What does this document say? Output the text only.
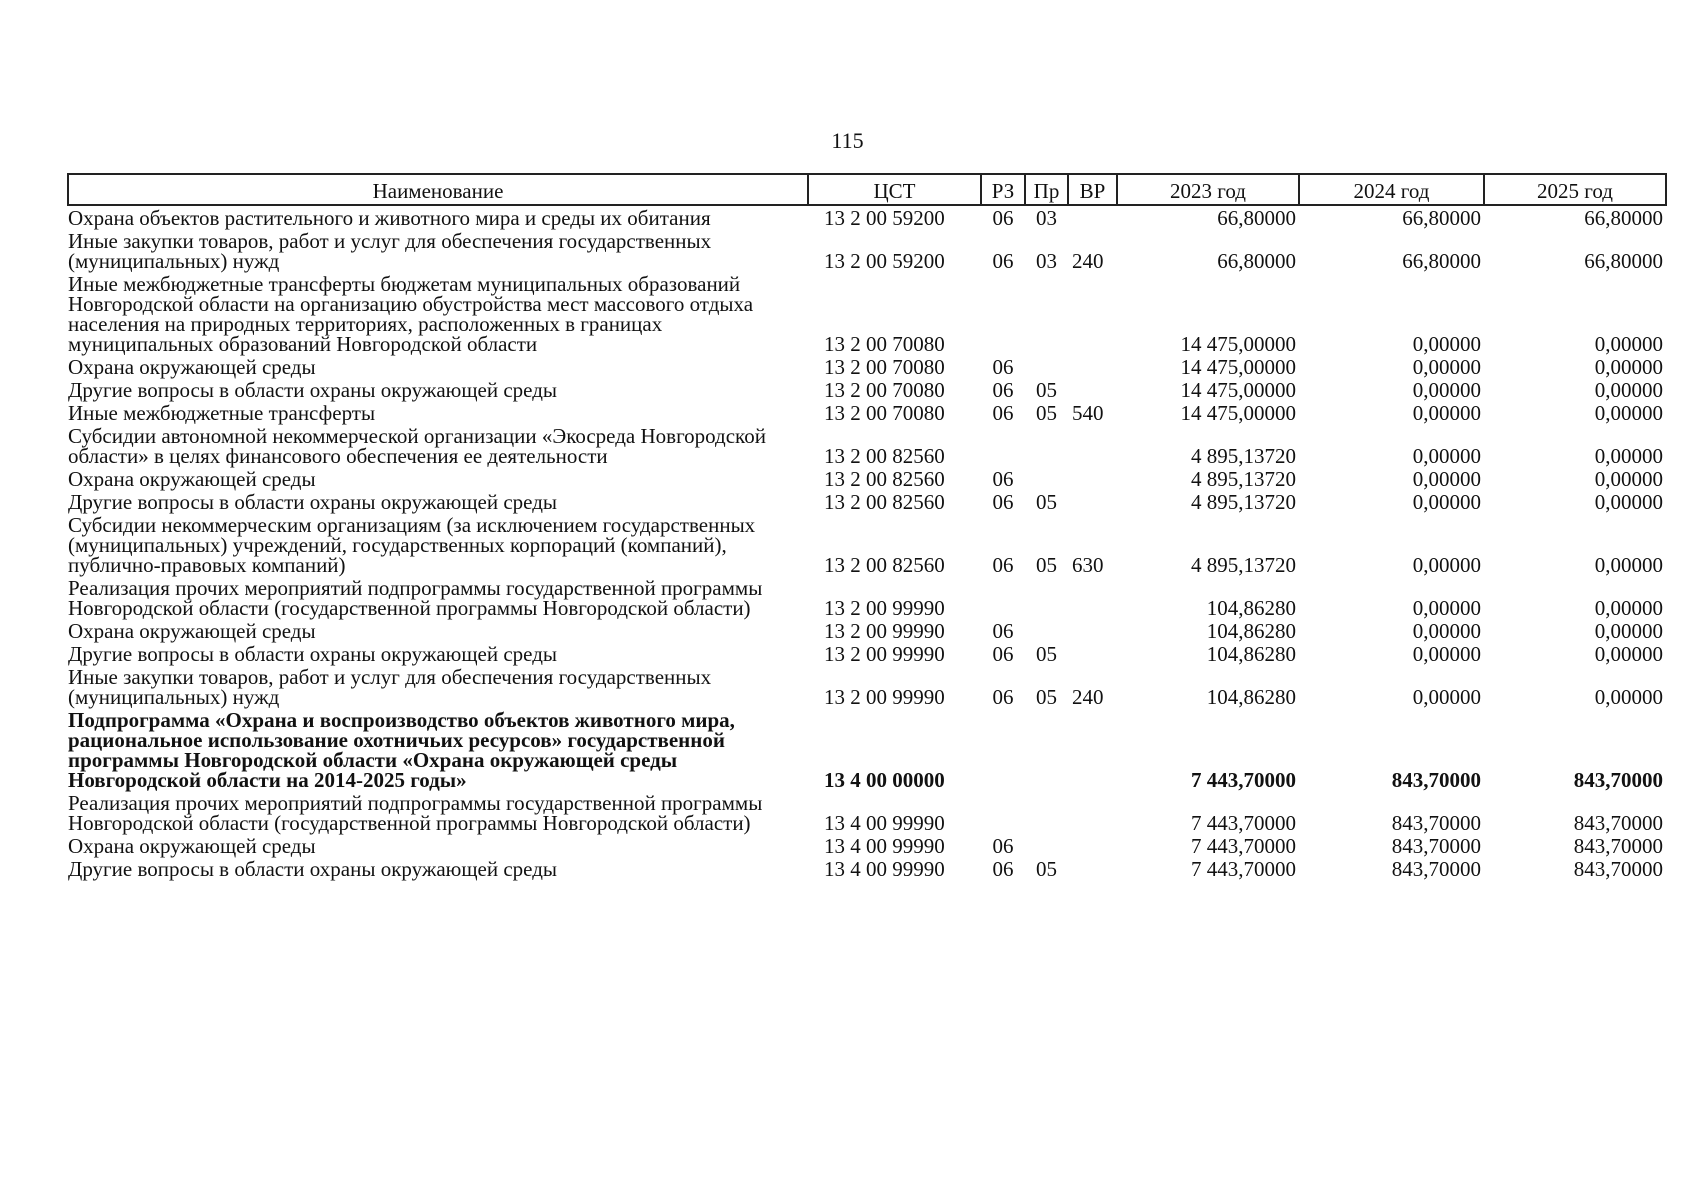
115
Наименование	ЦСТ	РЗ	Пр	ВР	2023 год	2024 год	2025 год
Охрана объектов растительного и животного мира и среды их обитания	13 2 00 59200	06	03		66,80000	66,80000	66,80000
Иные закупки товаров, работ и услуг для обеспечения государственных (муниципальных) нужд	13 2 00 59200	06	03	240	66,80000	66,80000	66,80000
Иные межбюджетные трансферты бюджетам муниципальных образований Новгородской области на организацию обустройства мест массового отдыха населения на природных территориях, расположенных в границах муниципальных образований Новгородской области	13 2 00 70080				14 475,00000	0,00000	0,00000
Охрана окружающей среды	13 2 00 70080	06			14 475,00000	0,00000	0,00000
Другие вопросы в области охраны окружающей среды	13 2 00 70080	06	05		14 475,00000	0,00000	0,00000
Иные межбюджетные трансферты	13 2 00 70080	06	05	540	14 475,00000	0,00000	0,00000
Субсидии автономной некоммерческой организации «Экосреда Новгородской области» в целях финансового обеспечения ее деятельности	13 2 00 82560				4 895,13720	0,00000	0,00000
Охрана окружающей среды	13 2 00 82560	06			4 895,13720	0,00000	0,00000
Другие вопросы в области охраны окружающей среды	13 2 00 82560	06	05		4 895,13720	0,00000	0,00000
Субсидии некоммерческим организациям (за исключением государственных (муниципальных) учреждений, государственных корпораций (компаний), публично-правовых компаний)	13 2 00 82560	06	05	630	4 895,13720	0,00000	0,00000
Реализация прочих мероприятий подпрограммы государственной программы Новгородской области (государственной программы Новгородской области)	13 2 00 99990				104,86280	0,00000	0,00000
Охрана окружающей среды	13 2 00 99990	06			104,86280	0,00000	0,00000
Другие вопросы в области охраны окружающей среды	13 2 00 99990	06	05		104,86280	0,00000	0,00000
Иные закупки товаров, работ и услуг для обеспечения государственных (муниципальных) нужд	13 2 00 99990	06	05	240	104,86280	0,00000	0,00000
Подпрограмма «Охрана и воспроизводство объектов животного мира, рациональное использование охотничьих ресурсов» государственной программы Новгородской области «Охрана окружающей среды Новгородской области на 2014-2025 годы»	13 4 00 00000				7 443,70000	843,70000	843,70000
Реализация прочих мероприятий подпрограммы государственной программы Новгородской области (государственной программы Новгородской области)	13 4 00 99990				7 443,70000	843,70000	843,70000
Охрана окружающей среды	13 4 00 99990	06			7 443,70000	843,70000	843,70000
Другие вопросы в области охраны окружающей среды	13 4 00 99990	06	05		7 443,70000	843,70000	843,70000
